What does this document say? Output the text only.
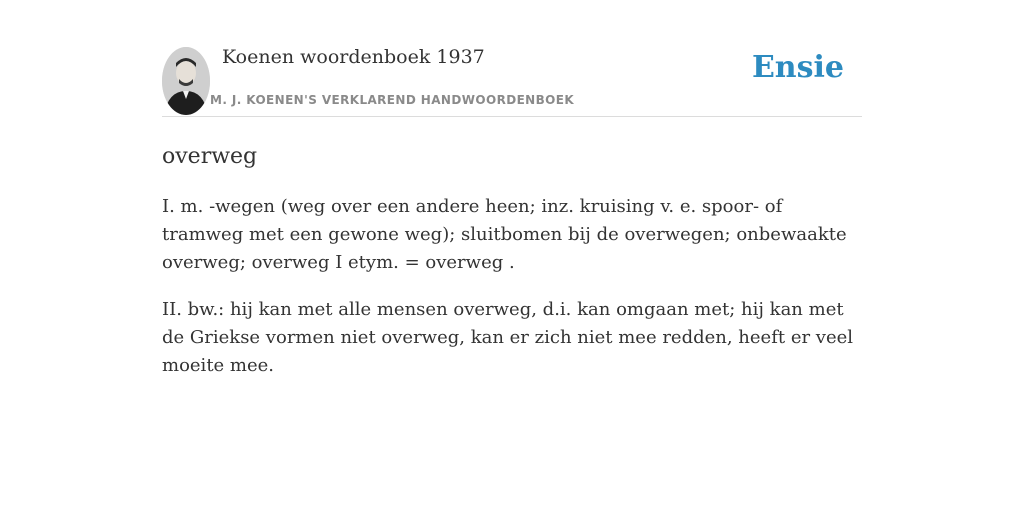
Koenen woordenboek 1937
M. J. KOENEN'S VERKLAREND HANDWOORDENBOEK
Ensie
overweg

I. m. -wegen (weg over een andere heen; inz. kruising v. e. spoor- of tramweg met een gewone weg); sluitbomen bij de overwegen; onbewaakte overweg; overweg I etym. = overweg .

II. bw.: hij kan met alle mensen overweg, d.i. kan omgaan met; hij kan met de Griekse vormen niet overweg, kan er zich niet mee redden, heeft er veel moeite mee.
